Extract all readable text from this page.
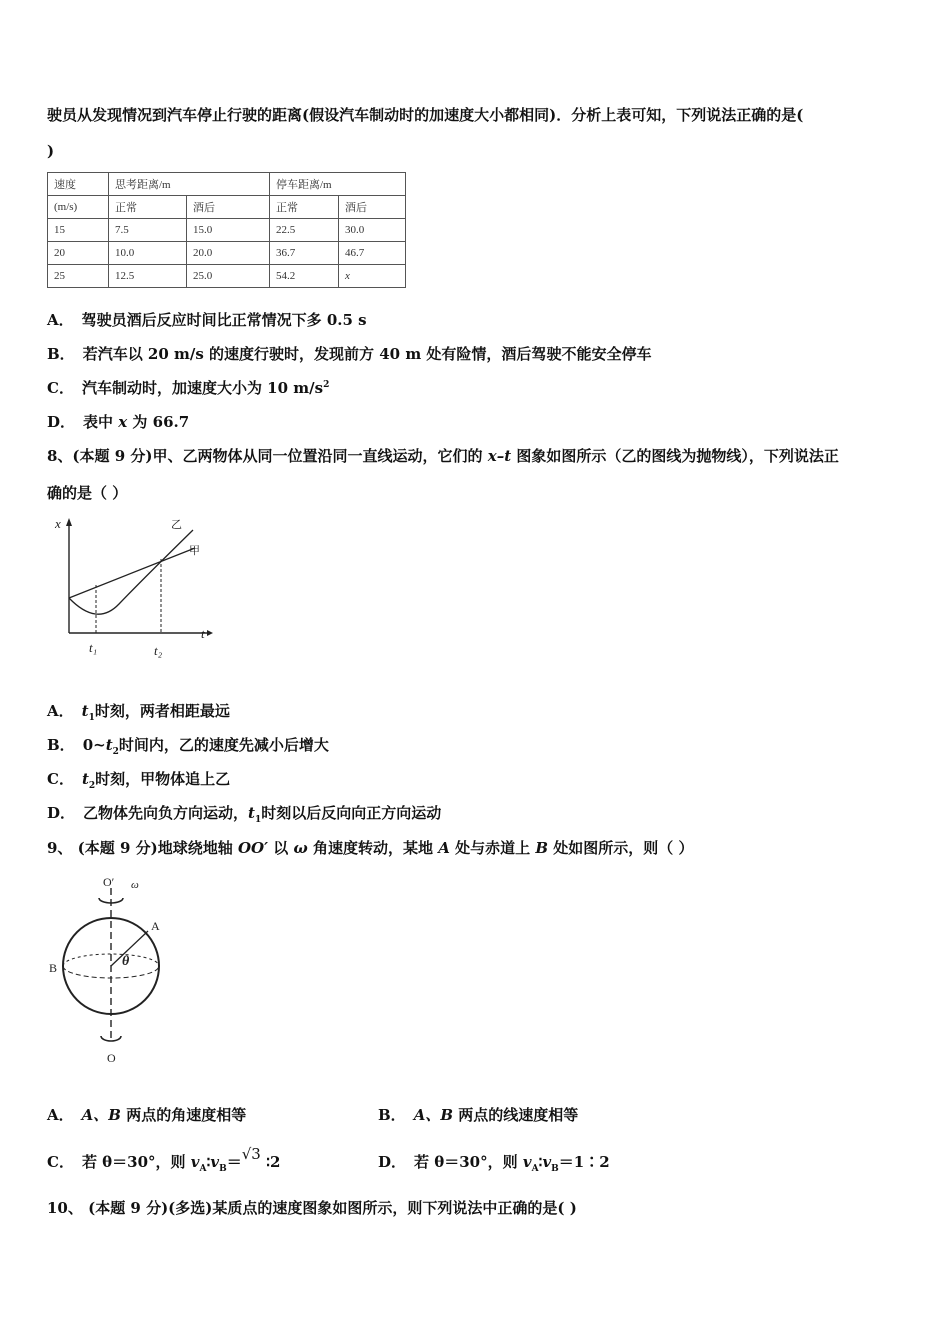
驶员从发现情况到汽车停止行驶的距离(假设汽车制动时的加速度大小都相同)．分析上表可知，下列说法正确的是(
)
速度	思考距离/m		停车距离/m	
(m/s)	正常	酒后	正常	酒后
15	7.5	15.0	22.5	30.0
20	10.0	20.0	36.7	46.7
25	12.5	25.0	54.2	x
A． 驾驶员酒后反应时间比正常情况下多 0.5 s
B． 若汽车以 20 m/s 的速度行驶时，发现前方 40 m 处有险情，酒后驾驶不能安全停车
C． 汽车制动时，加速度大小为 10 $m/s^2$
D． 表中 x 为 66.7
8、(本题 9 分)甲、乙两物体从同一位置沿同一直线运动，它们的 x–t 图象如图所示（乙的图线为抛物线），下列说法正
确的是（ ）
x
t
t₁	t₂
乙
甲
A． $t_1$时刻，两者相距最远
B． $0\sim t_2$时间内，乙的速度先减小后增大
C． $t_2$时刻，甲物体追上乙
D． 乙物体先向负方向运动，$t_1$时刻以后反向向正方向运动
9、 (本题 9 分)地球绕地轴 OO′ 以 ω 角速度转动，某地 A 处与赤道上 B 处如图所示，则（ ）
O′ ω
A
B	θ
O
A． A、B 两点的角速度相等	B． A、B 两点的线速度相等
C． 若 θ＝30°，则 $v_A∶v_B=√3$ ∶2	D． 若 θ＝30°，则 $v_A∶v_B=1∶2$
10、 (本题 9 分)(多选)某质点的速度图象如图所示，则下列说法中正确的是( )
